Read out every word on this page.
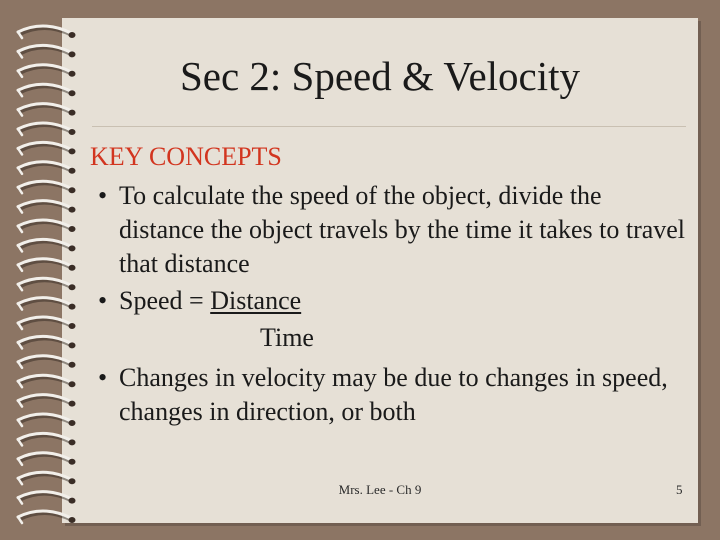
Sec 2: Speed & Velocity
KEY CONCEPTS
• To calculate the speed of the object, divide the distance the object travels by the time it takes to travel that distance
• Speed = Distance
Time
• Changes in velocity may be due to changes in speed, changes in direction, or both
Mrs. Lee - Ch 9	5
